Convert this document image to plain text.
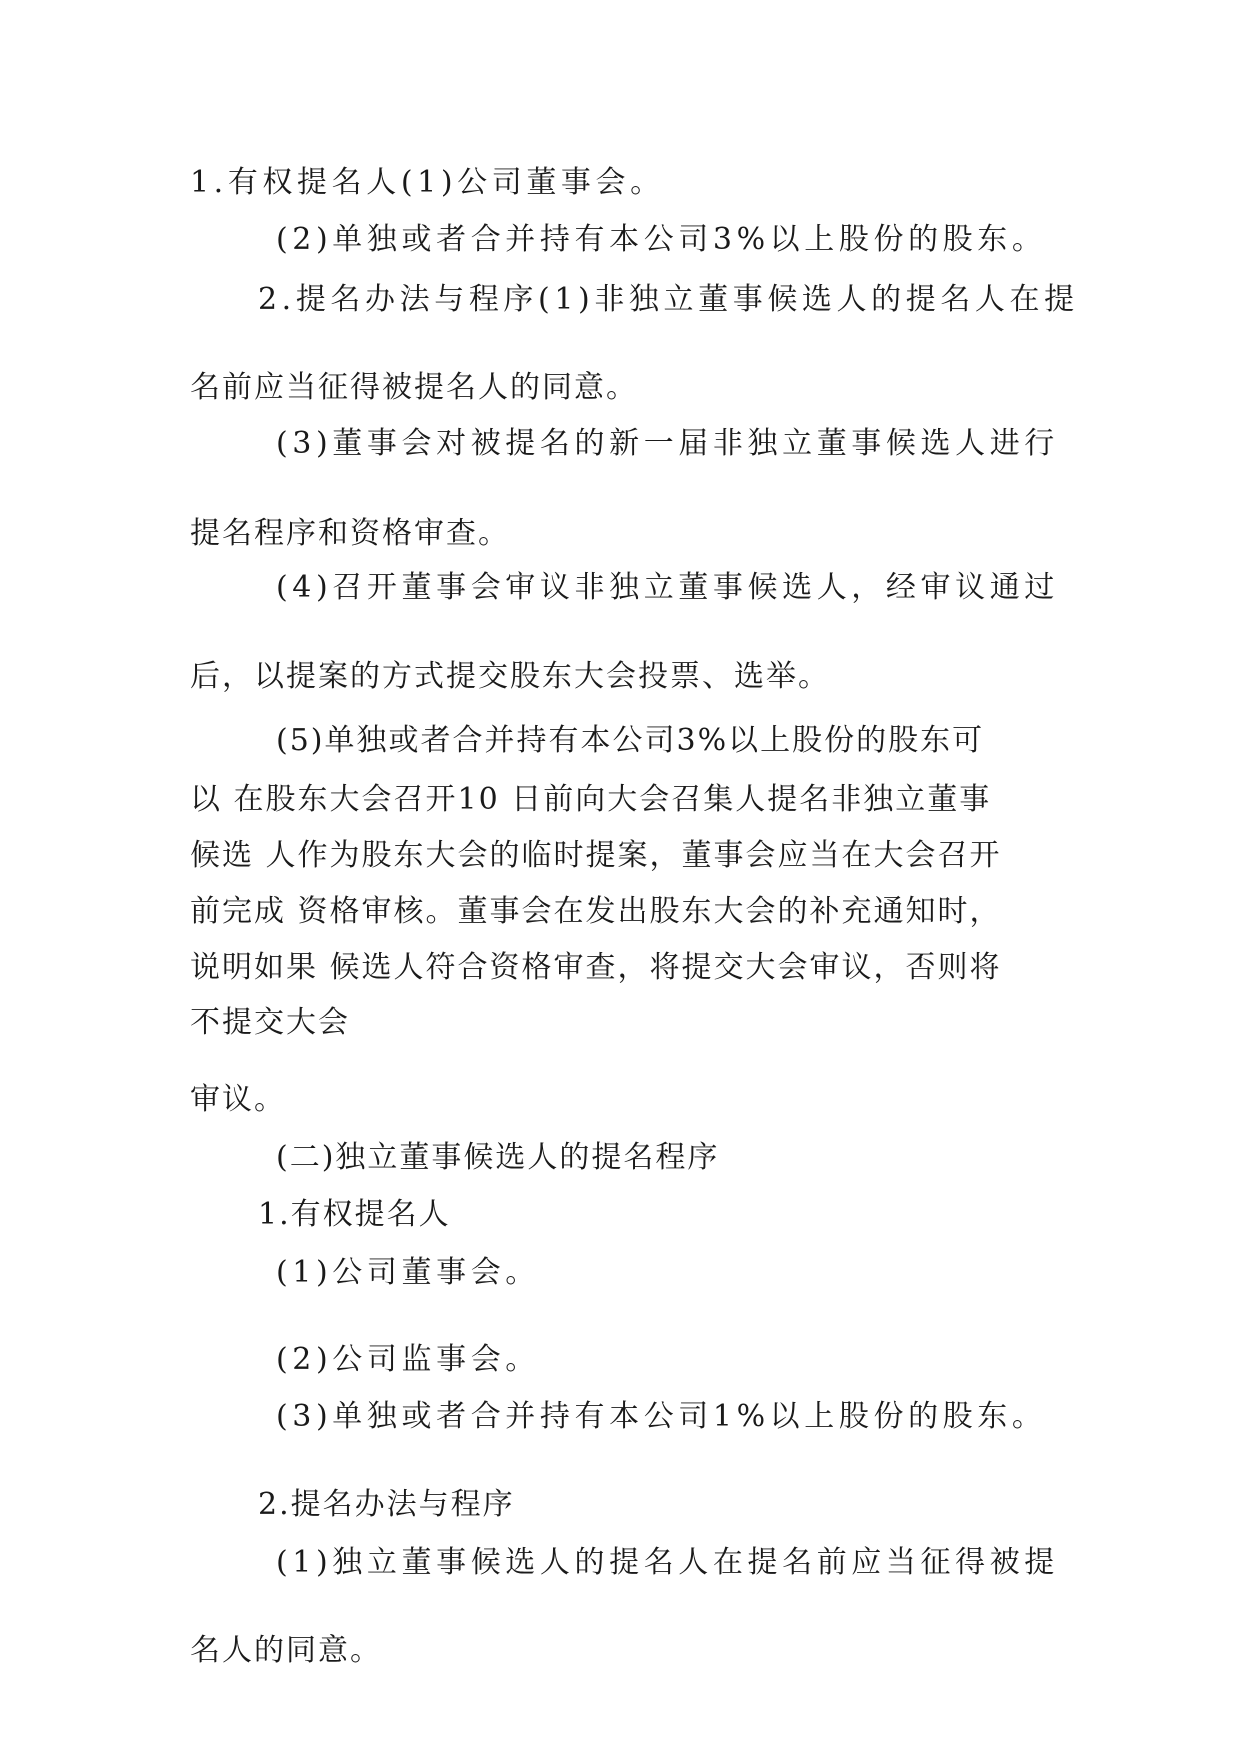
1.有权提名人(1)公司董事会。

(2)单独或者合并持有本公司3%以上股份的股东。

2.提名办法与程序(1)非独立董事候选人的提名人在提

名前应当征得被提名人的同意。

(3)董事会对被提名的新一届非独立董事候选人进行

提名程序和资格审查。

(4)召开董事会审议非独立董事候选人，经审议通过

后，以提案的方式提交股东大会投票、选举。

(5)单独或者合并持有本公司3%以上股份的股东可

以 在股东大会召开10 日前向大会召集人提名非独立董事

候选 人作为股东大会的临时提案，董事会应当在大会召开

前完成 资格审核。董事会在发出股东大会的补充通知时，

说明如果 候选人符合资格审查，将提交大会审议，否则将

不提交大会

审议。

(二)独立董事候选人的提名程序

1.有权提名人

(1)公司董事会。

(2)公司监事会。

(3)单独或者合并持有本公司1%以上股份的股东。

2.提名办法与程序

(1)独立董事候选人的提名人在提名前应当征得被提

名人的同意。
